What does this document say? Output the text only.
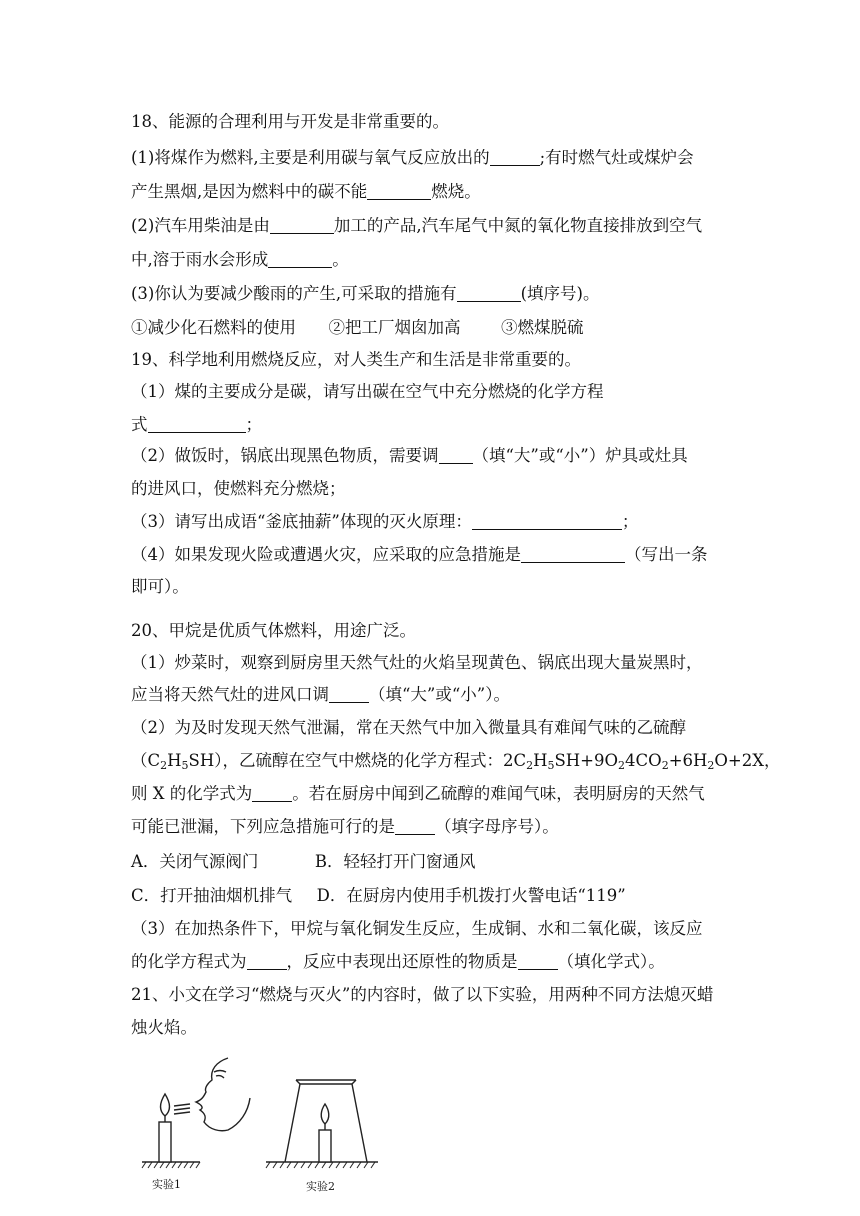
18、能源的合理利用与开发是非常重要的。
(1)将煤作为燃料,主要是利用碳与氧气反应放出的	;有时燃气灶或煤炉会
产生黑烟,是因为燃料中的碳不能	燃烧。
(2)汽车用柴油是由	加工的产品,汽车尾气中氮的氧化物直接排放到空气
中,溶于雨水会形成	。
(3)你认为要减少酸雨的产生,可采取的措施有	(填序号)。
①减少化石燃料的使用 ②把工厂烟囱加高 ③燃煤脱硫
19、科学地利用燃烧反应，对人类生产和生活是非常重要的。
（1）煤的主要成分是碳，请写出碳在空气中充分燃烧的化学方程
式	；
（2）做饭时，锅底出现黑色物质，需要调 （填“大”或“小”）炉具或灶具
的进风口，使燃料充分燃烧；
（3）请写出成语“釜底抽薪”体现的灭火原理：	；
（4）如果发现火险或遭遇火灾，应采取的应急措施是	（写出一条
即可）。
20、甲烷是优质气体燃料，用途广泛。
（1）炒菜时，观察到厨房里天然气灶的火焰呈现黄色、锅底出现大量炭黑时，
应当将天然气灶的进风口调 （填“大”或“小”）。
（2）为及时发现天然气泄漏，常在天然气中加入微量具有难闻气味的乙硫醇
$(C_2H_5SH)$，乙硫醇在空气中燃烧的化学方程式：$2C_2H_5SH+9O_24CO_2+6H_2O+2X$，
则 X 的化学式为 。若在厨房中闻到乙硫醇的难闻气味，表明厨房的天然气
可能已泄漏，下列应急措施可行的是 （填字母序号）。
A．关闭气源阀门	B．轻轻打开门窗通风
C．打开抽油烟机排气 D．在厨房内使用手机拨打火警电话“119”
（3）在加热条件下，甲烷与氧化铜发生反应，生成铜、水和二氧化碳，该反应
的化学方程式为 ，反应中表现出还原性的物质是 （填化学式）。
21、小文在学习“燃烧与灭火”的内容时，做了以下实验，用两种不同方法熄灭蜡
烛火焰。
实验1	实验2
